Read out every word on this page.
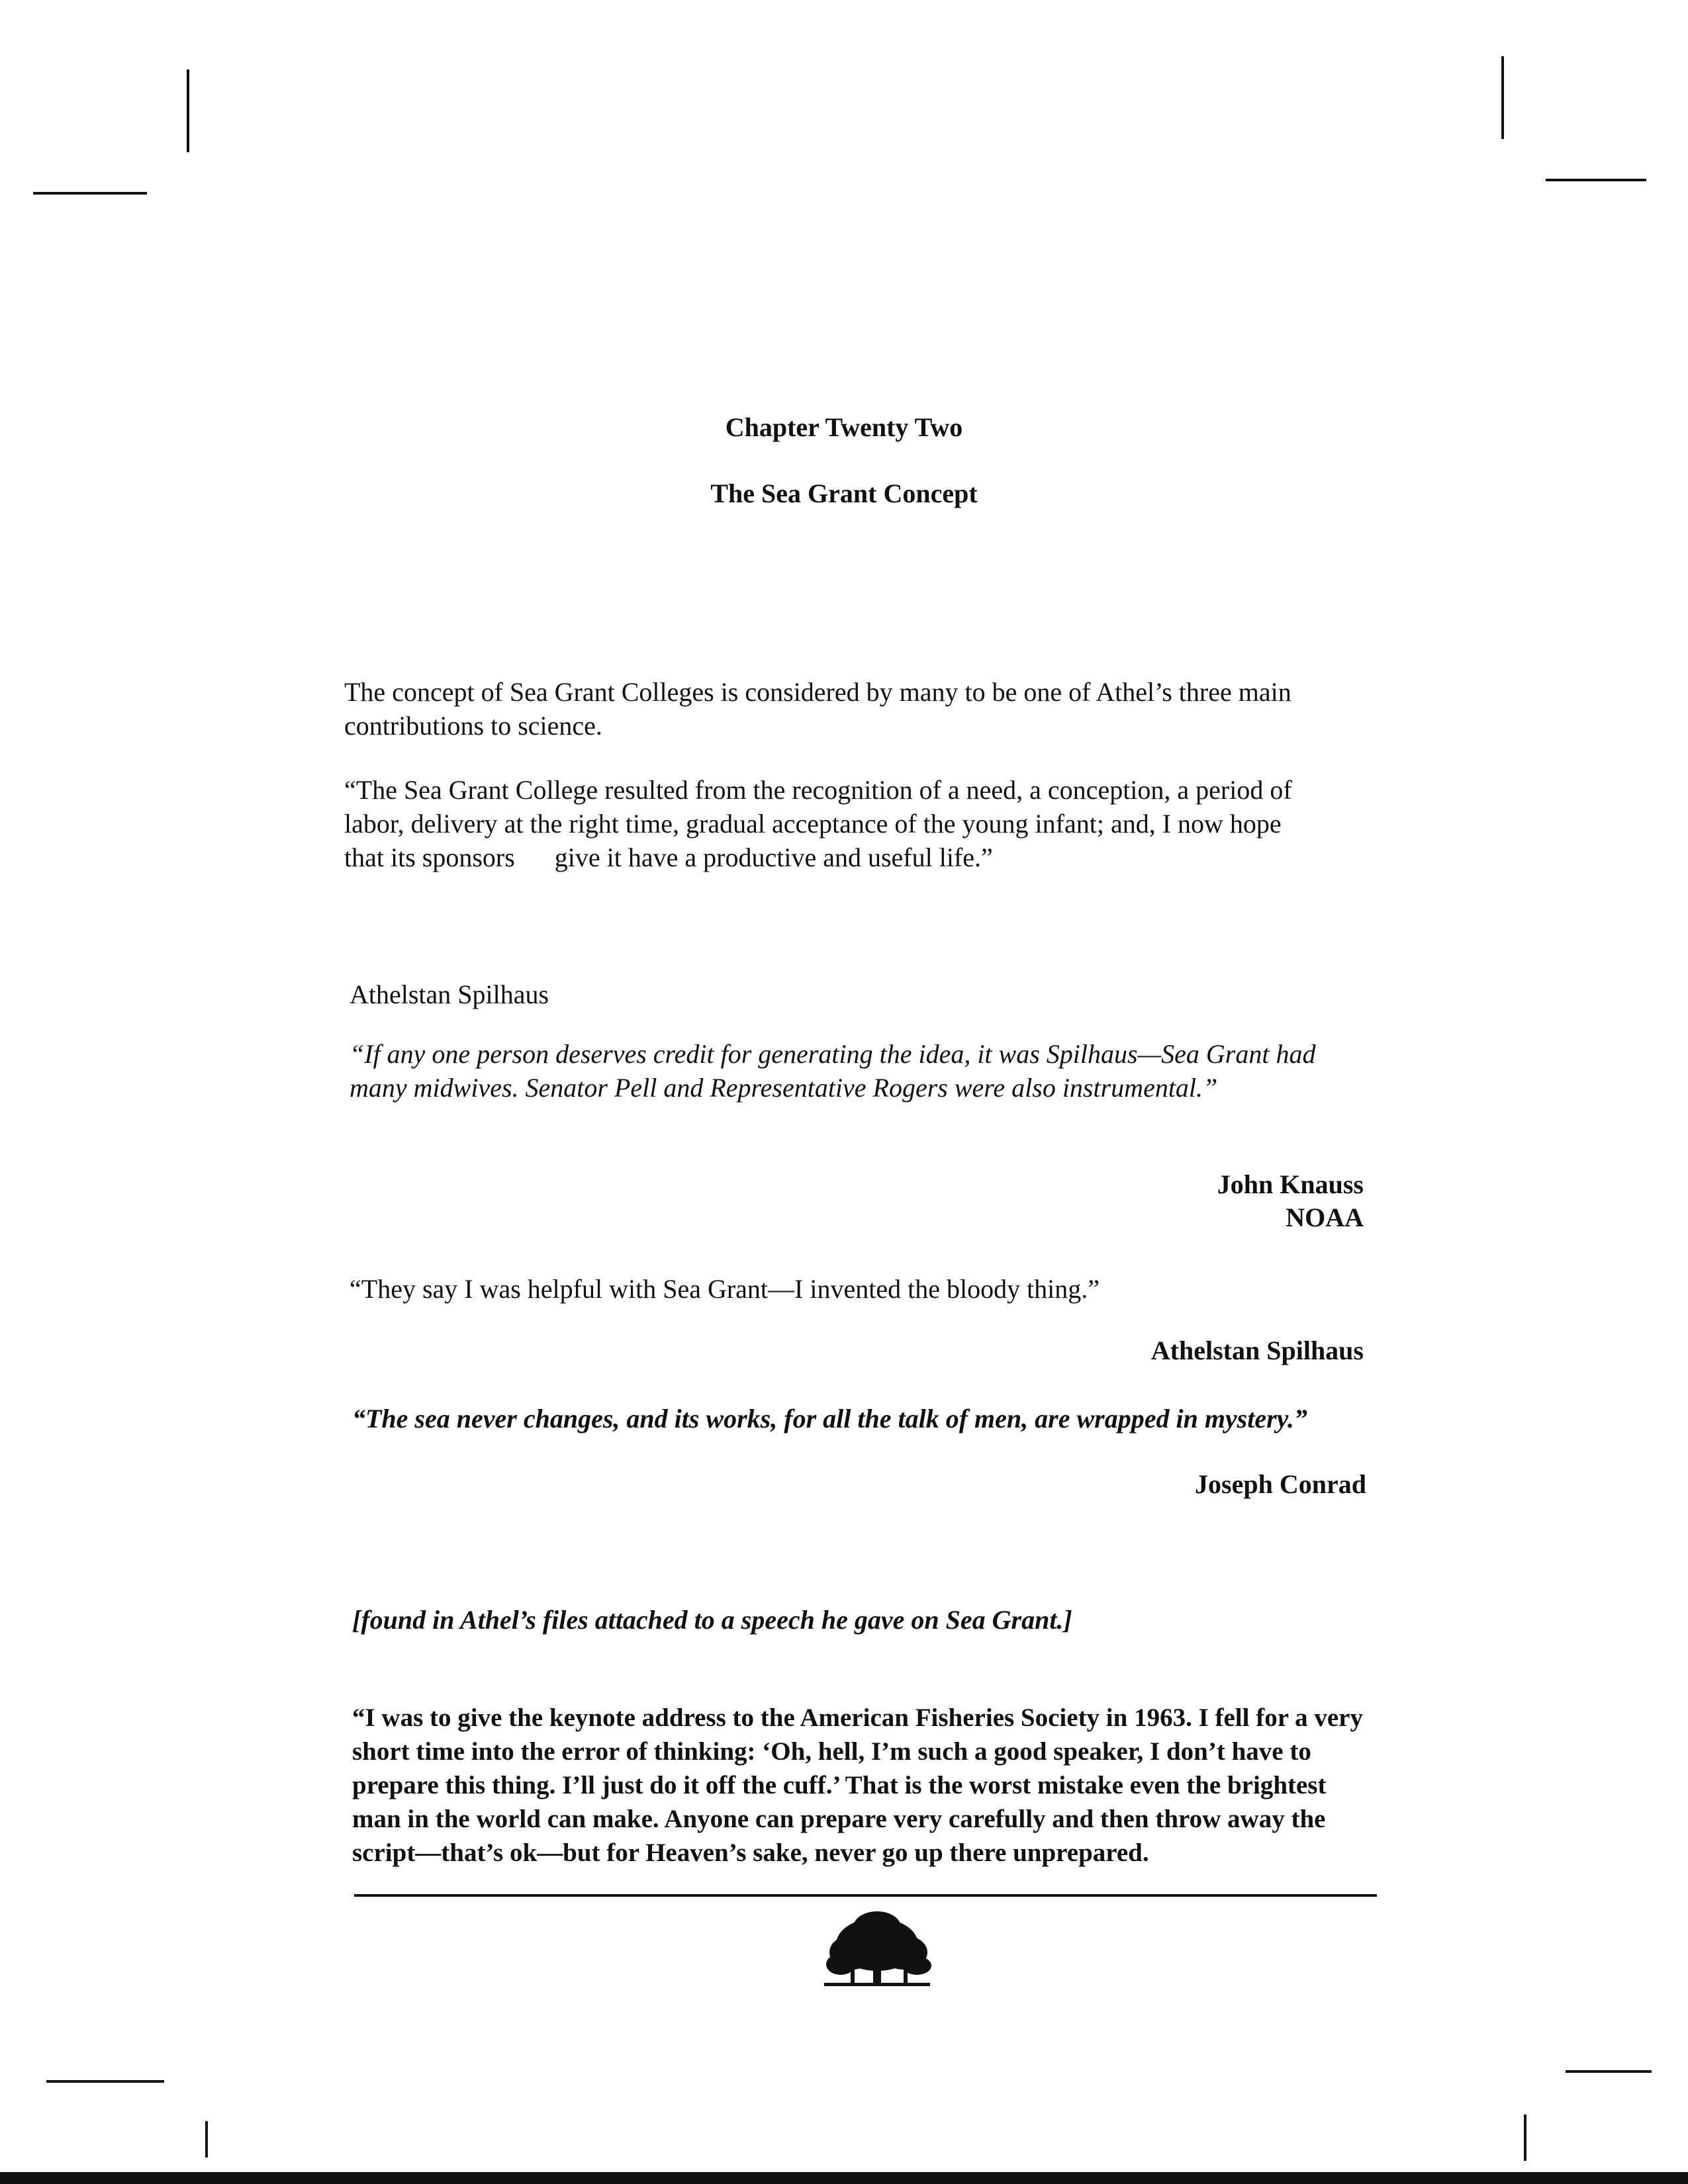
Chapter Twenty Two
The Sea Grant Concept
The concept of Sea Grant Colleges is considered by many to be one of Athel’s three main contributions to science.
“The Sea Grant College resulted from the recognition of a need, a conception, a period of
labor, delivery at the right time, gradual acceptance of the young infant; and, I now hope
that its sponsors give it have a productive and useful life.”
Athelstan Spilhaus
“If any one person deserves credit for generating the idea, it was Spilhaus—Sea Grant had many midwives. Senator Pell and Representative Rogers were also instrumental.”
John Knauss
NOAA
“They say I was helpful with Sea Grant—I invented the bloody thing.”
Athelstan Spilhaus
“The sea never changes, and its works, for all the talk of men, are wrapped in mystery.”
Joseph Conrad
[found in Athel’s files attached to a speech he gave on Sea Grant.]
“I was to give the keynote address to the American Fisheries Society in 1963. I fell for a very short time into the error of thinking: ‘Oh, hell, I’m such a good speaker, I don’t have to prepare this thing. I’ll just do it off the cuff.’ That is the worst mistake even the brightest man in the world can make. Anyone can prepare very carefully and then throw away the script—that’s ok—but for Heaven’s sake, never go up there unprepared.
